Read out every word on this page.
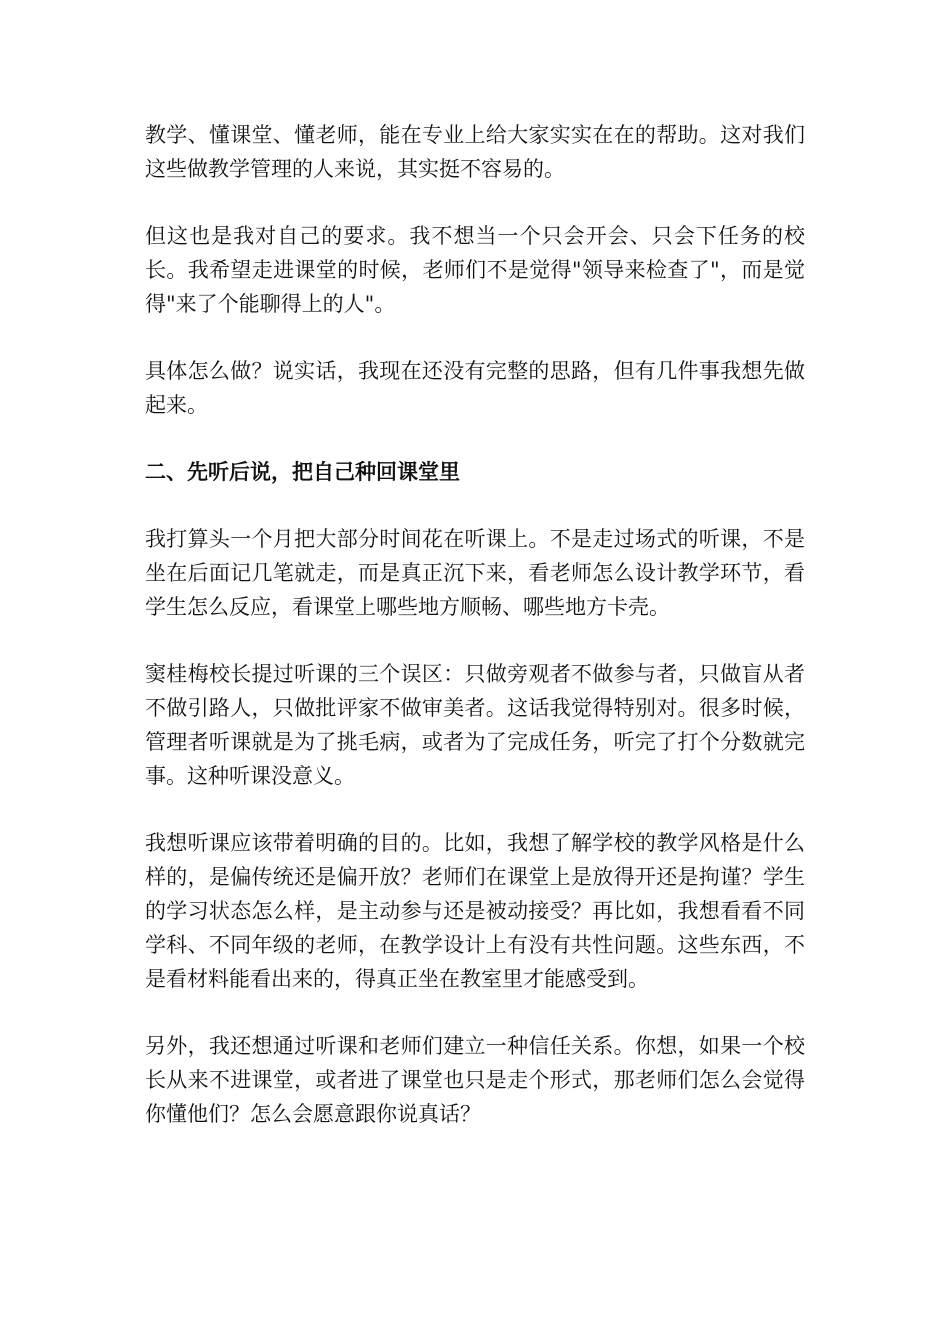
教学、懂课堂、懂老师，能在专业上给大家实实在在的帮助。这对我们这些做教学管理的人来说，其实挺不容易的。

但这也是我对自己的要求。我不想当一个只会开会、只会下任务的校长。我希望走进课堂的时候，老师们不是觉得"领导来检查了"，而是觉得"来了个能聊得上的人"。

具体怎么做？说实话，我现在还没有完整的思路，但有几件事我想先做起来。

二、先听后说，把自己种回课堂里

我打算头一个月把大部分时间花在听课上。不是走过场式的听课，不是坐在后面记几笔就走，而是真正沉下来，看老师怎么设计教学环节，看学生怎么反应，看课堂上哪些地方顺畅、哪些地方卡壳。

窦桂梅校长提过听课的三个误区：只做旁观者不做参与者，只做盲从者不做引路人，只做批评家不做审美者。这话我觉得特别对。很多时候，管理者听课就是为了挑毛病，或者为了完成任务，听完了打个分数就完事。这种听课没意义。

我想听课应该带着明确的目的。比如，我想了解学校的教学风格是什么样的，是偏传统还是偏开放？老师们在课堂上是放得开还是拘谨？学生的学习状态怎么样，是主动参与还是被动接受？再比如，我想看看不同学科、不同年级的老师，在教学设计上有没有共性问题。这些东西，不是看材料能看出来的，得真正坐在教室里才能感受到。

另外，我还想通过听课和老师们建立一种信任关系。你想，如果一个校长从来不进课堂，或者进了课堂也只是走个形式，那老师们怎么会觉得你懂他们？怎么会愿意跟你说真话？
